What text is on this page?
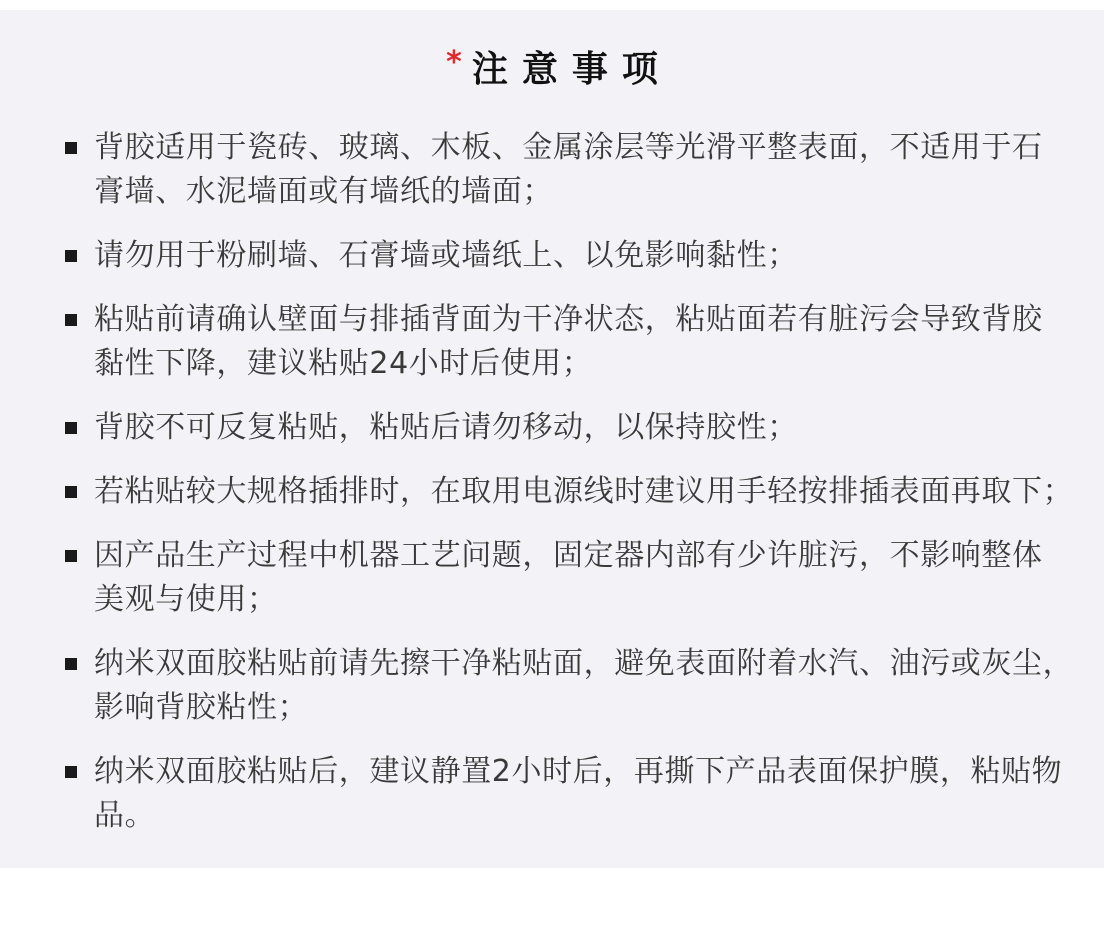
* 注意事项
背胶适用于瓷砖、玻璃、木板、金属涂层等光滑平整表面，不适用于石
膏墙、水泥墙面或有墙纸的墙面；
请勿用于粉刷墙、石膏墙或墙纸上、以免影响黏性；
粘贴前请确认壁面与排插背面为干净状态，粘贴面若有脏污会导致背胶
黏性下降，建议粘贴24小时后使用；
背胶不可反复粘贴，粘贴后请勿移动，以保持胶性；
若粘贴较大规格插排时，在取用电源线时建议用手轻按排插表面再取下；
因产品生产过程中机器工艺问题，固定器内部有少许脏污，不影响整体
美观与使用；
纳米双面胶粘贴前请先擦干净粘贴面，避免表面附着水汽、油污或灰尘，
影响背胶粘性；
纳米双面胶粘贴后，建议静置2小时后，再撕下产品表面保护膜，粘贴物
品。
